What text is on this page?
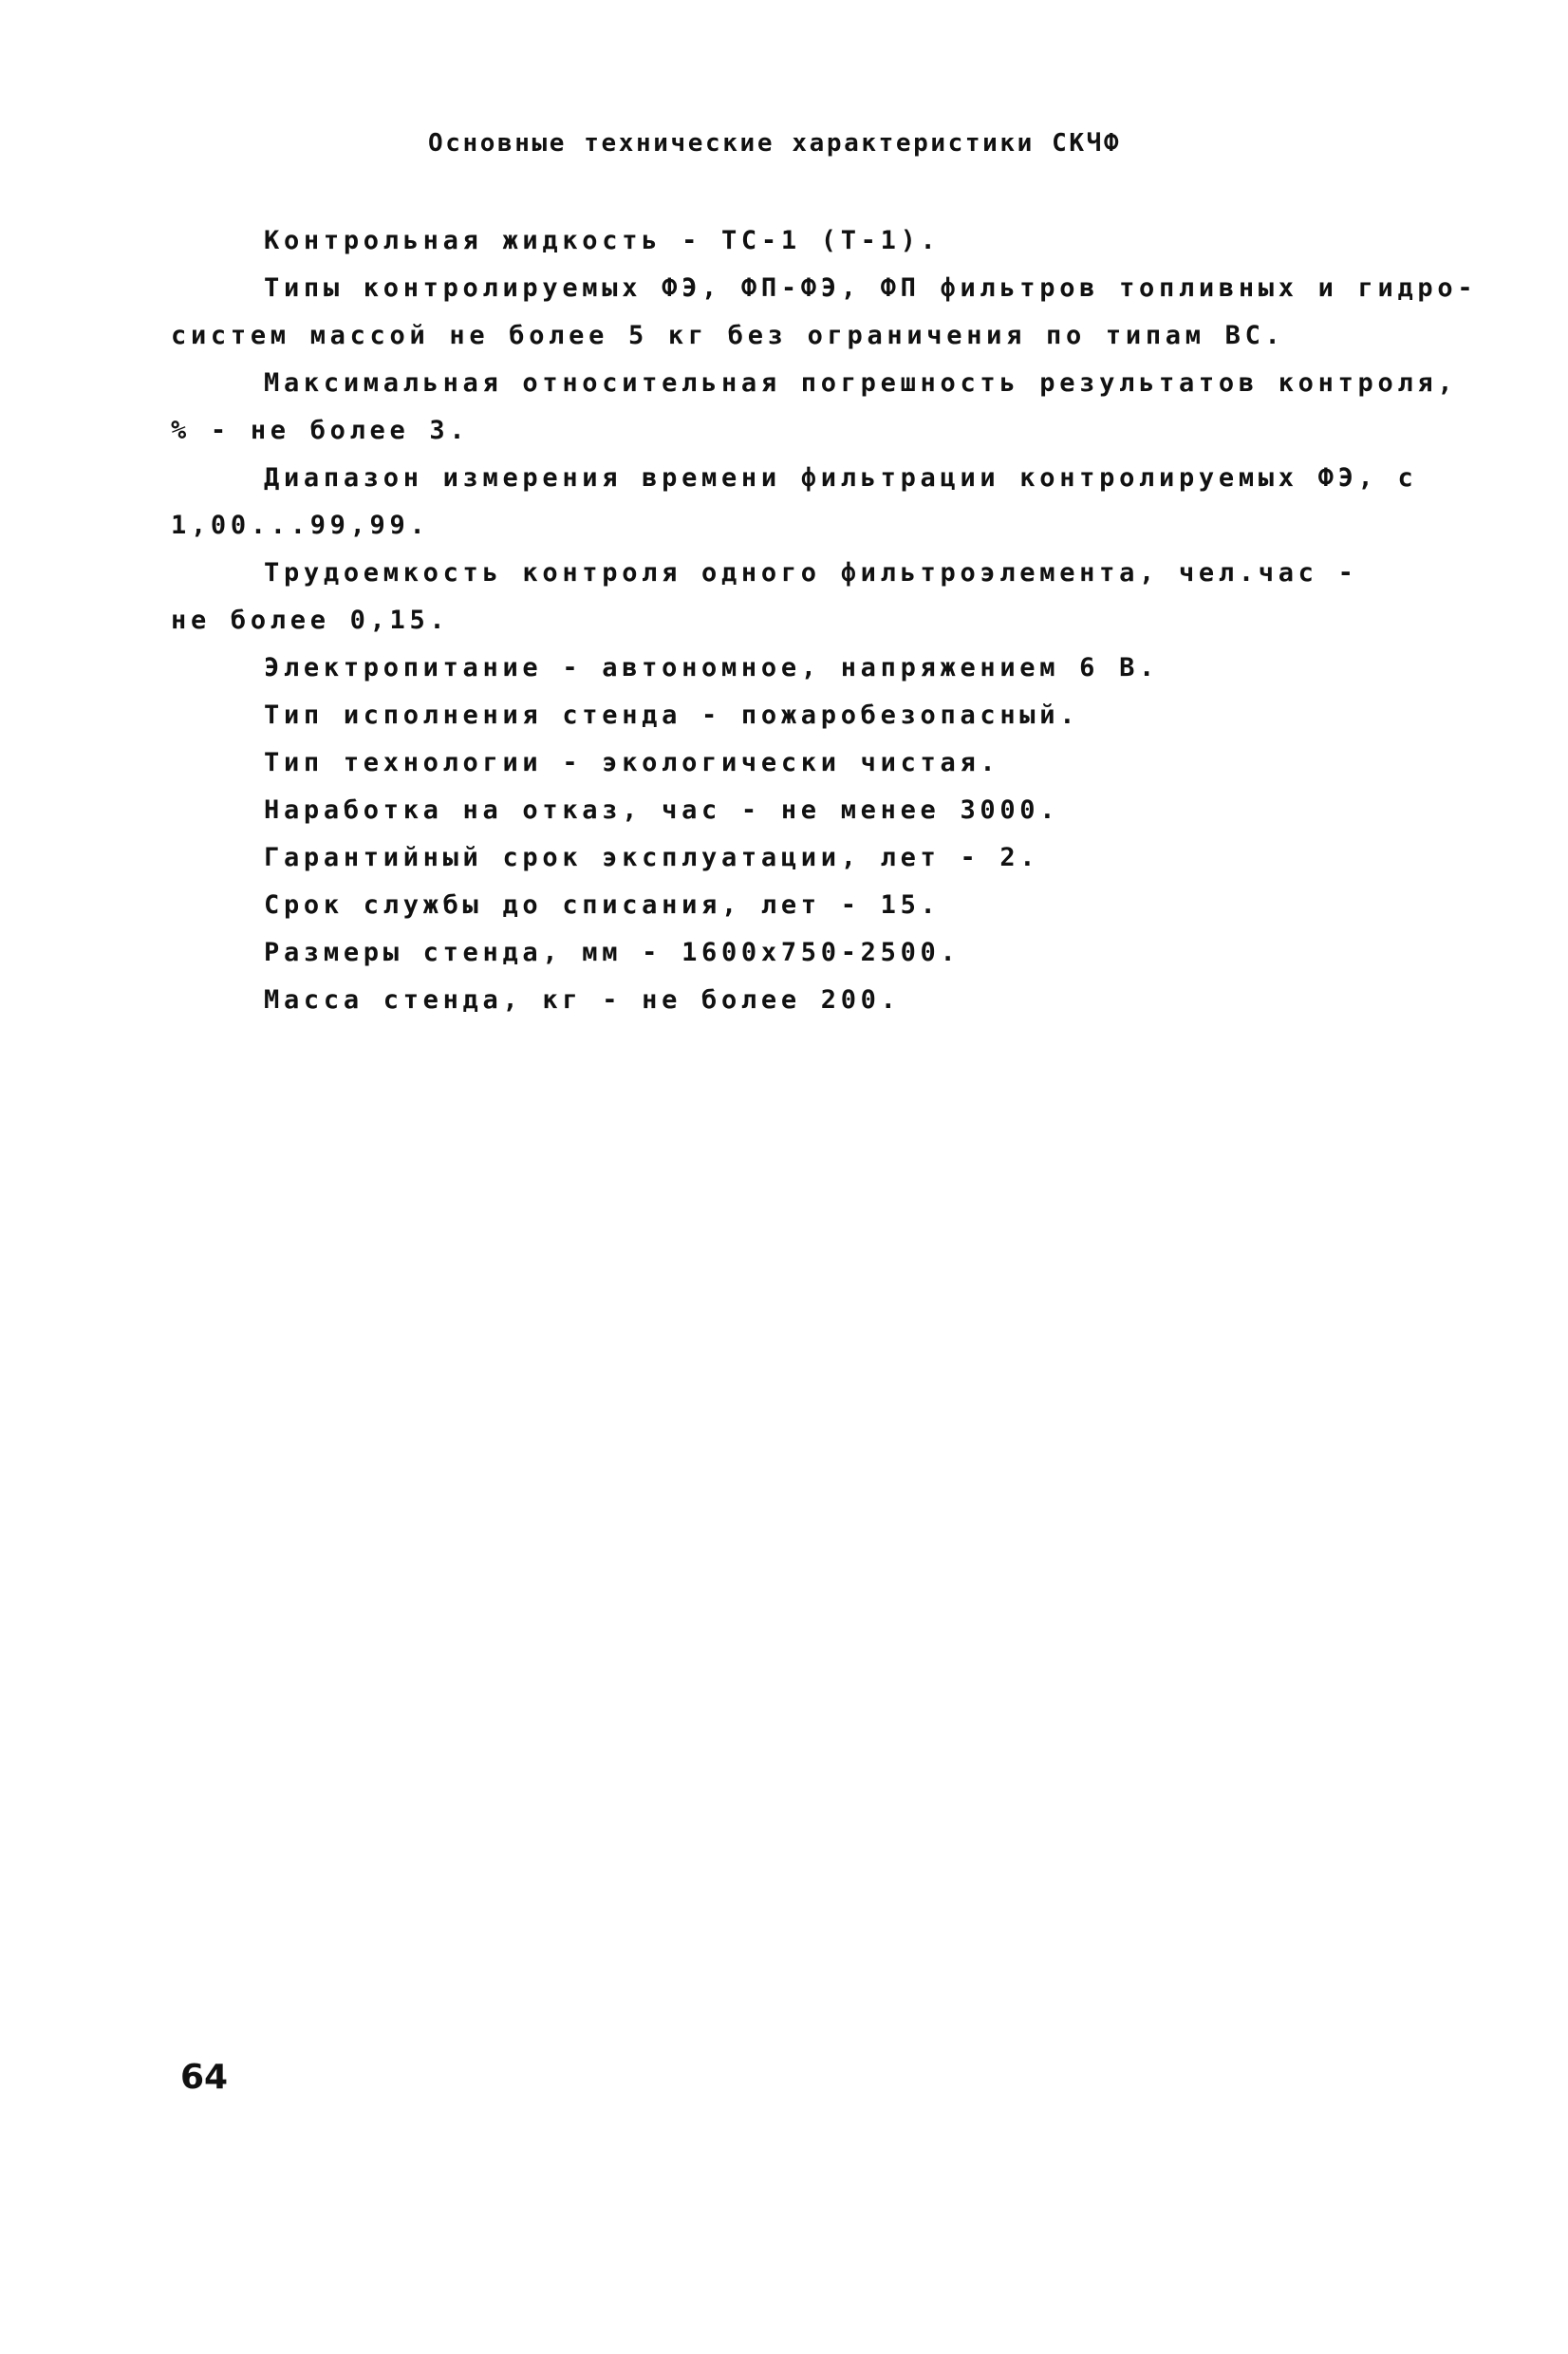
Основные технические характеристики СКЧФ
Контрольная жидкость - ТС-1 (Т-1).
Типы контролируемых ФЭ, ФП-ФЭ, ФП фильтров топливных и гидро-
систем массой не более 5 кг без ограничения по типам ВС.
Максимальная относительная погрешность результатов контроля,
% - не более 3.
Диапазон измерения времени фильтрации контролируемых ФЭ, с
1,00...99,99.
Трудоемкость контроля одного фильтроэлемента, чел.час -
не более 0,15.
Электропитание - автономное, напряжением 6 В.
Тип исполнения стенда - пожаробезопасный.
Тип технологии - экологически чистая.
Наработка на отказ, час - не менее 3000.
Гарантийный срок эксплуатации, лет - 2.
Срок службы до списания, лет - 15.
Размеры стенда, мм - 1600х750-2500.
Масса стенда, кг - не более 200.
64
